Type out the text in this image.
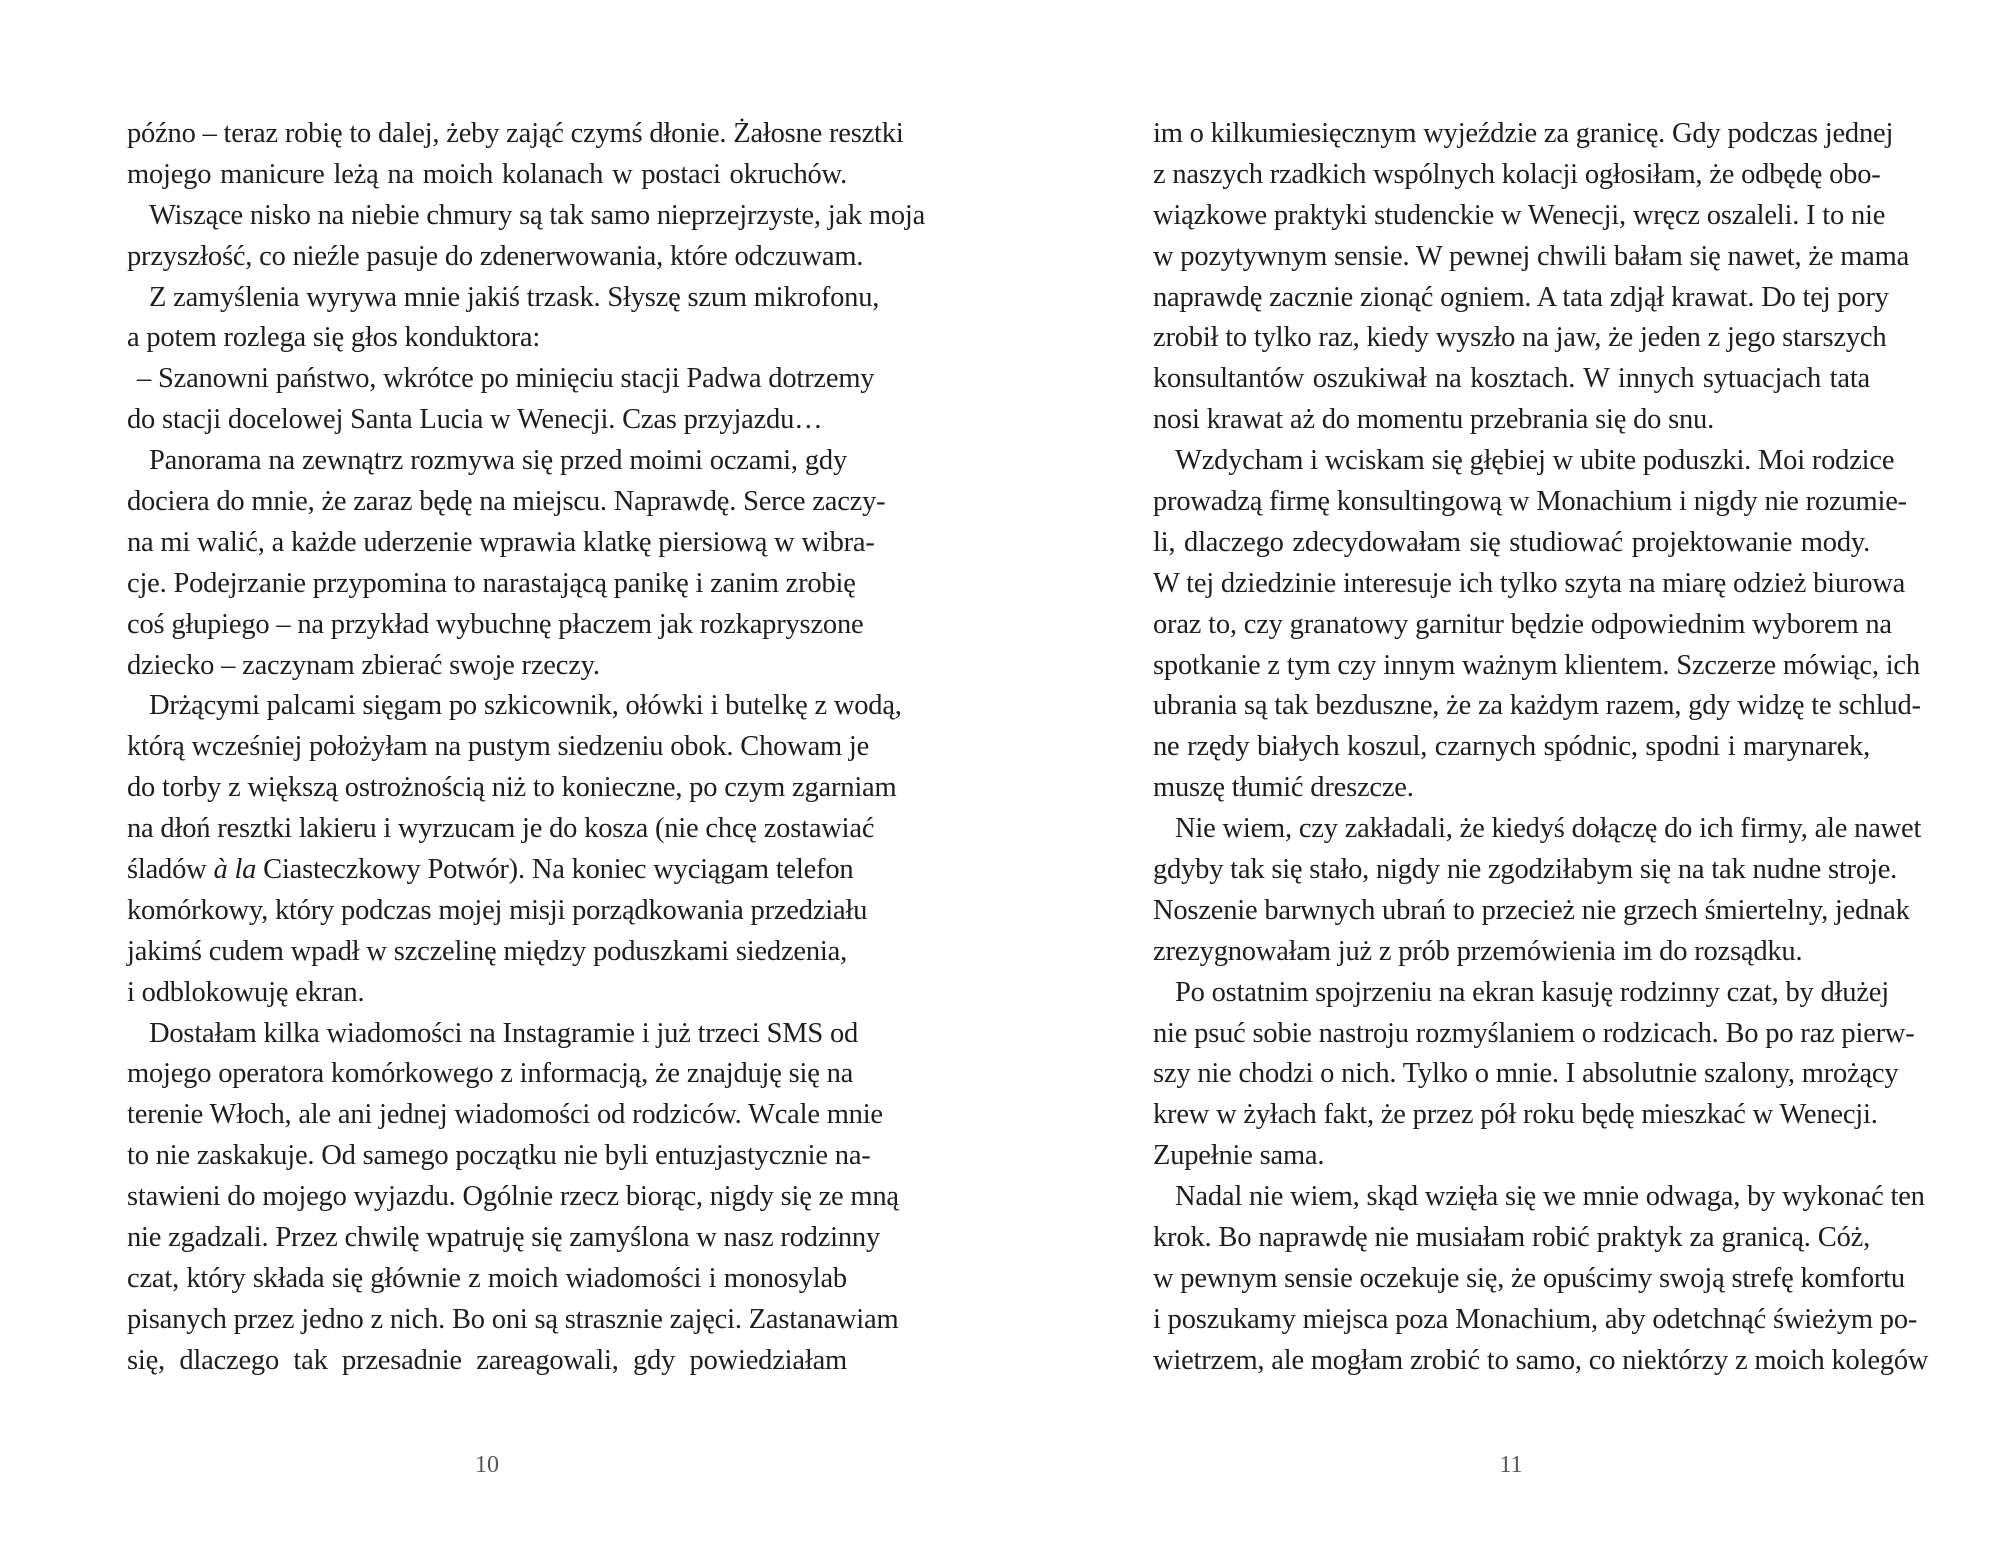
późno – teraz robię to dalej, żeby zająć czymś dłonie. Żałosne resztki
mojego manicure leżą na moich kolanach w postaci okruchów.
Wiszące nisko na niebie chmury są tak samo nieprzejrzyste, jak moja
przyszłość, co nieźle pasuje do zdenerwowania, które odczuwam.
Z zamyślenia wyrywa mnie jakiś trzask. Słyszę szum mikrofonu,
a potem rozlega się głos konduktora:
– Szanowni państwo, wkrótce po minięciu stacji Padwa dotrzemy
do stacji docelowej Santa Lucia w Wenecji. Czas przyjazdu…
Panorama na zewnątrz rozmywa się przed moimi oczami, gdy
dociera do mnie, że zaraz będę na miejscu. Naprawdę. Serce zaczy-
na mi walić, a każde uderzenie wprawia klatkę piersiową w wibra-
cje. Podejrzanie przypomina to narastającą panikę i zanim zrobię
coś głupiego – na przykład wybuchnę płaczem jak rozkapryszone
dziecko – zaczynam zbierać swoje rzeczy.
Drżącymi palcami sięgam po szkicownik, ołówki i butelkę z wodą,
którą wcześniej położyłam na pustym siedzeniu obok. Chowam je
do torby z większą ostrożnością niż to konieczne, po czym zgarniam
na dłoń resztki lakieru i wyrzucam je do kosza (nie chcę zostawiać
śladów à la Ciasteczkowy Potwór). Na koniec wyciągam telefon
komórkowy, który podczas mojej misji porządkowania przedziału
jakimś cudem wpadł w szczelinę między poduszkami siedzenia,
i odblokowuję ekran.
Dostałam kilka wiadomości na Instagramie i już trzeci SMS od
mojego operatora komórkowego z informacją, że znajduję się na
terenie Włoch, ale ani jednej wiadomości od rodziców. Wcale mnie
to nie zaskakuje. Od samego początku nie byli entuzjastycznie na-
stawieni do mojego wyjazdu. Ogólnie rzecz biorąc, nigdy się ze mną
nie zgadzali. Przez chwilę wpatruję się zamyślona w nasz rodzinny
czat, który składa się głównie z moich wiadomości i monosylab
pisanych przez jedno z nich. Bo oni są strasznie zajęci. Zastanawiam
się, dlaczego tak przesadnie zareagowali, gdy powiedziałam
10
im o kilkumiesięcznym wyjeździe za granicę. Gdy podczas jednej
z naszych rzadkich wspólnych kolacji ogłosiłam, że odbędę obo-
wiązkowe praktyki studenckie w Wenecji, wręcz oszaleli. I to nie
w pozytywnym sensie. W pewnej chwili bałam się nawet, że mama
naprawdę zacznie zionąć ogniem. A tata zdjął krawat. Do tej pory
zrobił to tylko raz, kiedy wyszło na jaw, że jeden z jego starszych
konsultantów oszukiwał na kosztach. W innych sytuacjach tata
nosi krawat aż do momentu przebrania się do snu.
Wzdycham i wciskam się głębiej w ubite poduszki. Moi rodzice
prowadzą firmę konsultingową w Monachium i nigdy nie rozumie-
li, dlaczego zdecydowałam się studiować projektowanie mody.
W tej dziedzinie interesuje ich tylko szyta na miarę odzież biurowa
oraz to, czy granatowy garnitur będzie odpowiednim wyborem na
spotkanie z tym czy innym ważnym klientem. Szczerze mówiąc, ich
ubrania są tak bezduszne, że za każdym razem, gdy widzę te schlud-
ne rzędy białych koszul, czarnych spódnic, spodni i marynarek,
muszę tłumić dreszcze.
Nie wiem, czy zakładali, że kiedyś dołączę do ich firmy, ale nawet
gdyby tak się stało, nigdy nie zgodziłabym się na tak nudne stroje.
Noszenie barwnych ubrań to przecież nie grzech śmiertelny, jednak
zrezygnowałam już z prób przemówienia im do rozsądku.
Po ostatnim spojrzeniu na ekran kasuję rodzinny czat, by dłużej
nie psuć sobie nastroju rozmyślaniem o rodzicach. Bo po raz pierw-
szy nie chodzi o nich. Tylko o mnie. I absolutnie szalony, mrożący
krew w żyłach fakt, że przez pół roku będę mieszkać w Wenecji.
Zupełnie sama.
Nadal nie wiem, skąd wzięła się we mnie odwaga, by wykonać ten
krok. Bo naprawdę nie musiałam robić praktyk za granicą. Cóż,
w pewnym sensie oczekuje się, że opuścimy swoją strefę komfortu
i poszukamy miejsca poza Monachium, aby odetchnąć świeżym po-
wietrzem, ale mogłam zrobić to samo, co niektórzy z moich kolegów
11
